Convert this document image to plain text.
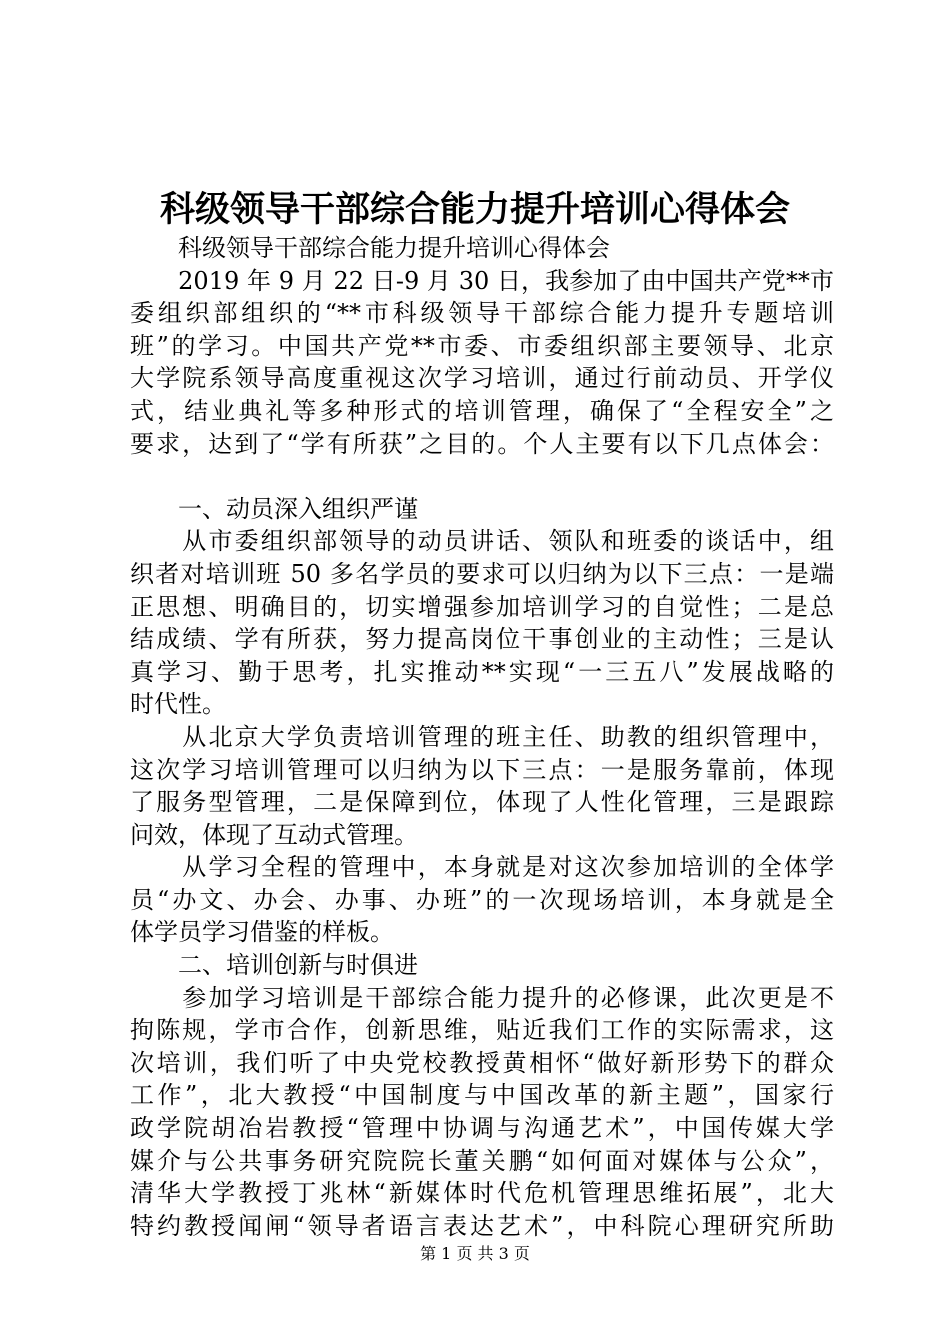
科级领导干部综合能力提升培训心得体会
　　科级领导干部综合能力提升培训心得体会
　　2019 年 9 月 22 日-9 月 30 日，我参加了由中国共产党**市
委组织部组织的“**市科级领导干部综合能力提升专题培训
班”的学习。中国共产党**市委、市委组织部主要领导、北京
大学院系领导高度重视这次学习培训，通过行前动员、开学仪
式，结业典礼等多种形式的培训管理，确保了“全程安全”之
要求，达到了“学有所获”之目的。个人主要有以下几点体会：
　　一、动员深入组织严谨
　　从市委组织部领导的动员讲话、领队和班委的谈话中，组
织者对培训班 50 多名学员的要求可以归纳为以下三点：一是端
正思想、明确目的，切实增强参加培训学习的自觉性；二是总
结成绩、学有所获，努力提高岗位干事创业的主动性；三是认
真学习、勤于思考，扎实推动**实现“一三五八”发展战略的
时代性。
　　从北京大学负责培训管理的班主任、助教的组织管理中，
这次学习培训管理可以归纳为以下三点：一是服务靠前，体现
了服务型管理，二是保障到位，体现了人性化管理，三是跟踪
问效，体现了互动式管理。
　　从学习全程的管理中，本身就是对这次参加培训的全体学
员“办文、办会、办事、办班”的一次现场培训，本身就是全
体学员学习借鉴的样板。
　　二、培训创新与时俱进
　　参加学习培训是干部综合能力提升的必修课，此次更是不
拘陈规，学市合作，创新思维，贴近我们工作的实际需求，这
次培训，我们听了中央党校教授黄相怀“做好新形势下的群众
工作”，北大教授“中国制度与中国改革的新主题”，国家行
政学院胡冶岩教授“管理中协调与沟通艺术”，中国传媒大学
媒介与公共事务研究院院长董关鹏“如何面对媒体与公众”，
清华大学教授丁兆林“新媒体时代危机管理思维拓展”，北大
特约教授闻闸“领导者语言表达艺术”，中科院心理研究所助
第 1 页 共 3 页
